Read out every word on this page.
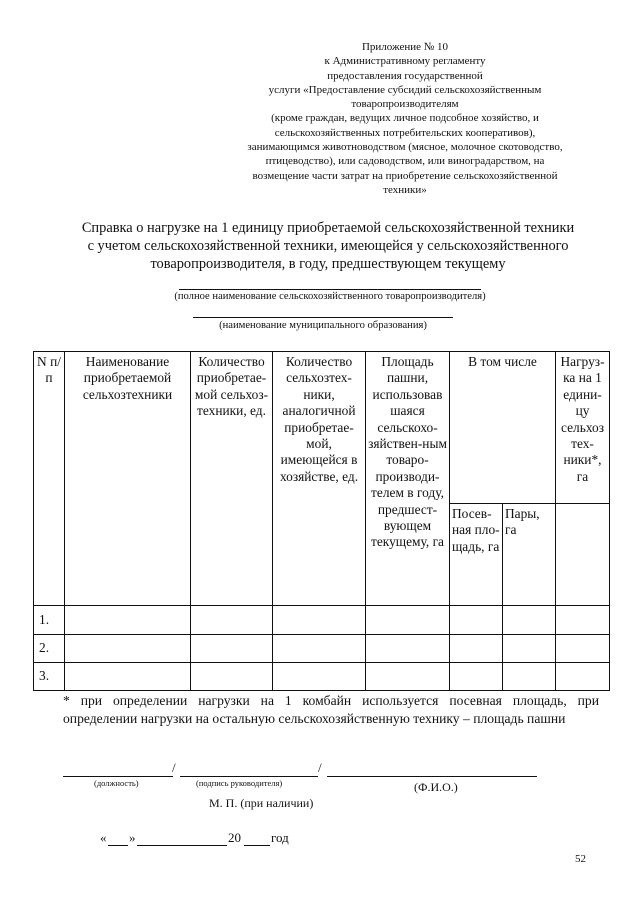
Приложение № 10
к Административному регламенту
предоставления государственной
услуги «Предоставление субсидий сельскохозяйственным
товаропроизводителям
(кроме граждан, ведущих личное подсобное хозяйство, и
сельскохозяйственных потребительских кооперативов),
занимающимся животноводством (мясное, молочное скотоводство,
птицеводство), или садоводством, или виноградарством, на
возмещение части затрат на приобретение сельскохозяйственной
техники»
Справка о нагрузке на 1 единицу приобретаемой сельскохозяйственной техники
с учетом сельскохозяйственной техники, имеющейся у сельскохозяйственного
товаропроизводителя, в году, предшествующем текущему
(полное наименование сельскохозяйственного товаропроизводителя)
(наименование муниципального образования)
N п/п	Наименование приобретаемой сельхозтехники	Количество приобретае-мой сельхоз-техники, ед.	Количество сельхозтех-ники, аналогичной приобретае-мой, имеющейся в хозяйстве, ед.	Площадь пашни, использовав шаяся сельскохо-зяйствен-ным товаро-производи-телем в году, предшест-вующем текущему, га	В том числе		Нагруз-ка на 1 едини-цу сельхоз тех-ники*, га
					Посев-ная пло-щадь, га	Пары, га	
1.							
2.							
3.							
* при определении нагрузки на 1 комбайн используется посевная площадь, при определении нагрузки на остальную сельскохозяйственную технику – площадь пашни
/	/
(должность)	(подпись руководителя)	(Ф.И.О.)
М. П. (при наличии)
« »	20 год
52
